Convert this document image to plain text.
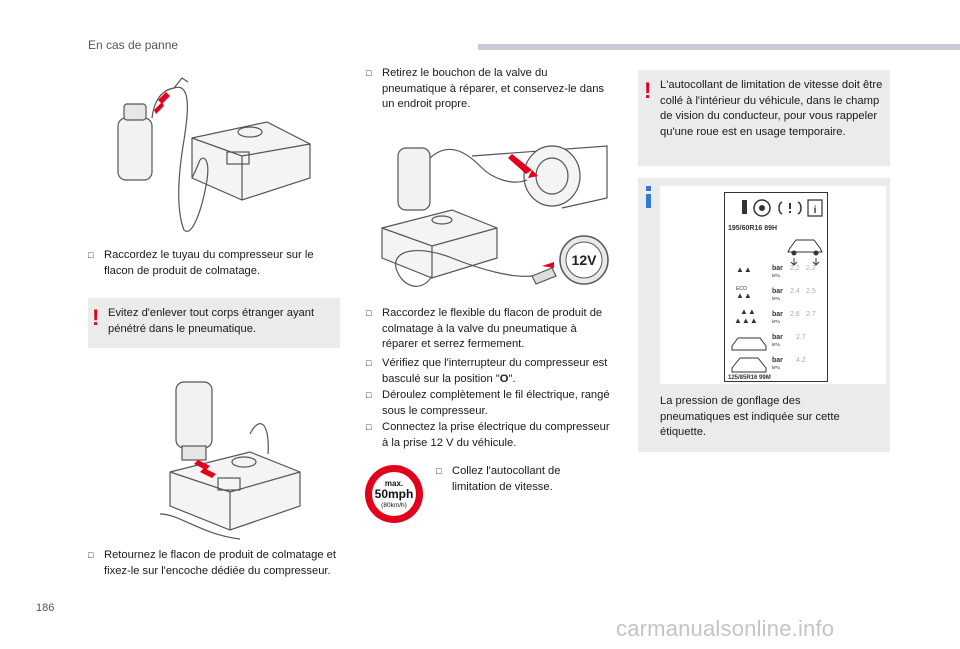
En cas de panne
□ Raccordez le tuyau du compresseur sur le flacon de produit de colmatage.
! Evitez d'enlever tout corps étranger ayant pénétré dans le pneumatique.
□ Retournez le flacon de produit de colmatage et fixez-le sur l'encoche dédiée du compresseur.
□ Retirez le bouchon de la valve du pneumatique à réparer, et conservez-le dans un endroit propre.
12V
□ Raccordez le flexible du flacon de produit de colmatage à la valve du pneumatique à réparer et serrez fermement.
□ Vérifiez que l'interrupteur du compresseur est basculé sur la position "O".
□ Déroulez complètement le fil électrique, rangé sous le compresseur.
□ Connectez la prise électrique du compresseur à la prise 12 V du véhicule.
max.
50mph
(80km/h)
□ Collez l'autocollant de limitation de vitesse.
! L'autocollant de limitation de vitesse doit être collé à l'intérieur du véhicule, dans le champ de vision du conducteur, pour vous rappeler qu'une roue est en usage temporaire.
i
195/60R16 89H
▲▲	bar
kPa
2.2 2.2
ECO
▲▲	bar
kPa
2.4 2.5
▲▲
▲▲▲
bar
kPa
2.6 2.7
bar
kPa
2.7
bar
kPa
4.2
125/85R16 99M
La pression de gonflage des pneumatiques est indiquée sur cette étiquette.
186
carmanualsonline.info
